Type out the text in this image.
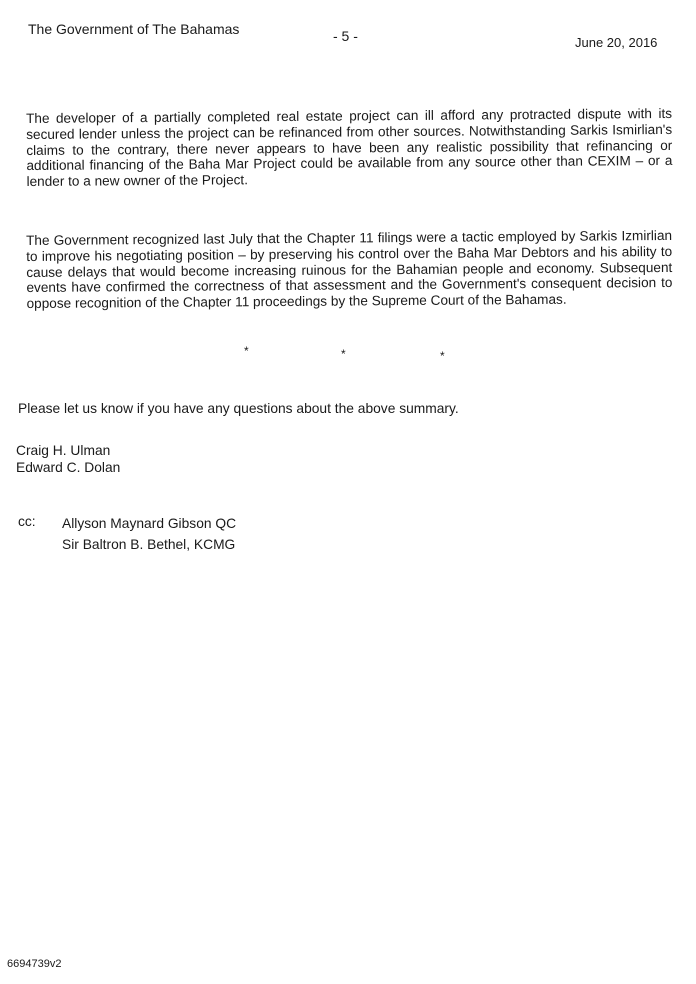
The Government of The Bahamas	- 5 -	June 20, 2016

The developer of a partially completed real estate project can ill afford any protracted dispute with its secured lender unless the project can be refinanced from other sources. Notwithstanding Sarkis Ismirlian's claims to the contrary, there never appears to have been any realistic possibility that refinancing or additional financing of the Baha Mar Project could be available from any source other than CEXIM – or a lender to a new owner of the Project.

The Government recognized last July that the Chapter 11 filings were a tactic employed by Sarkis Izmirlian to improve his negotiating position – by preserving his control over the Baha Mar Debtors and his ability to cause delays that would become increasing ruinous for the Bahamian people and economy. Subsequent events have confirmed the correctness of that assessment and the Government's consequent decision to oppose recognition of the Chapter 11 proceedings by the Supreme Court of the Bahamas.

*	*	*

Please let us know if you have any questions about the above summary.

Craig H. Ulman
Edward C. Dolan
cc: Allyson Maynard Gibson QC
Sir Baltron B. Bethel, KCMG
6694739v2
